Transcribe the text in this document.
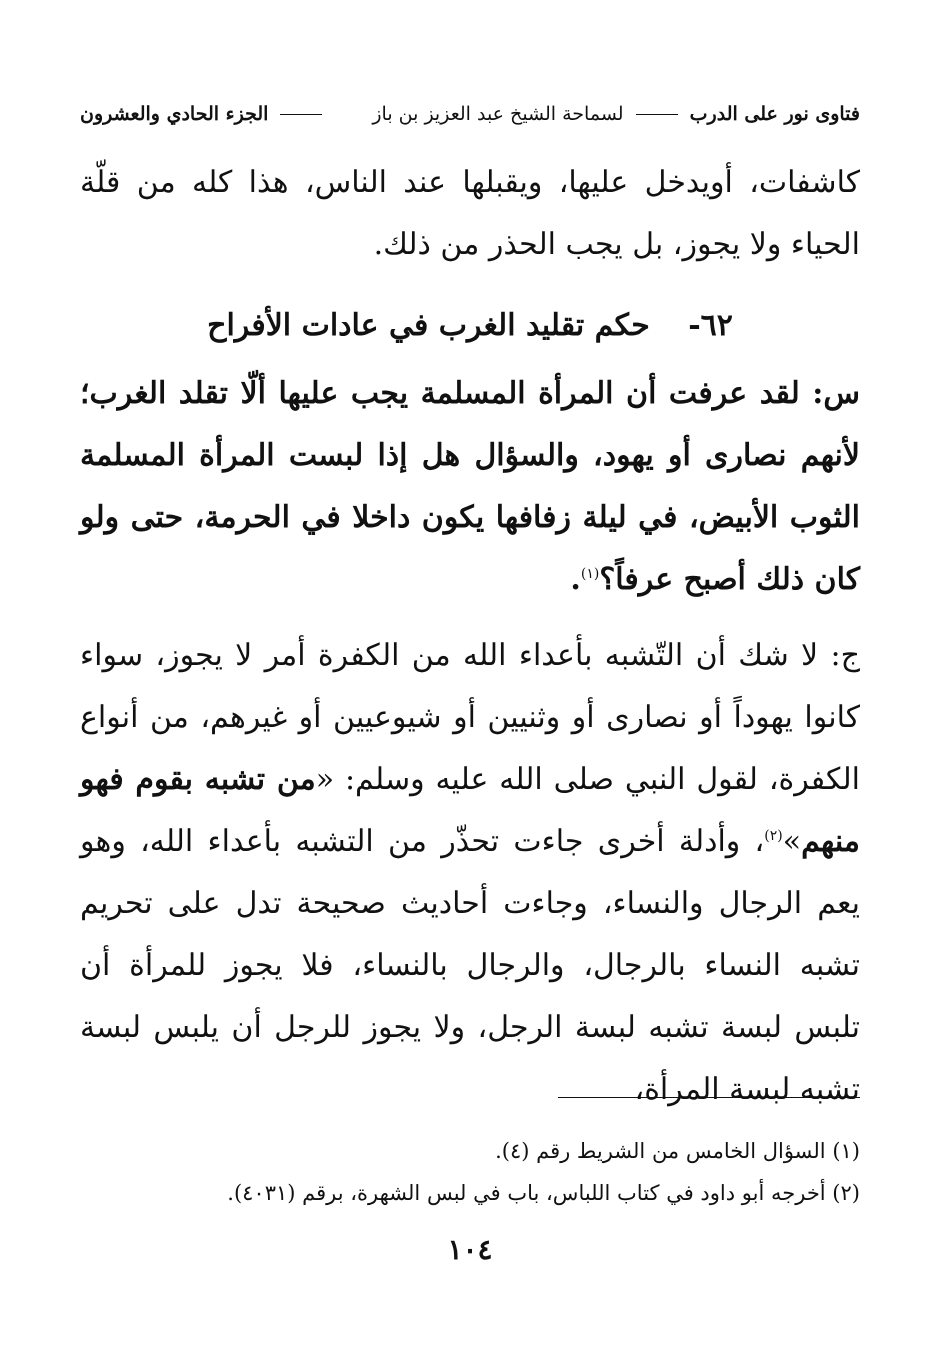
فتاوى نور على الدرب  لسماحة الشيخ عبد العزيز بن باز
الجزء الحادي والعشرون

كاشفات، أويدخل عليها، ويقبلها عند الناس، هذا كله من قلّة الحياء ولا يجوز، بل يجب الحذر من ذلك.

٦٢- حكم تقليد الغرب في عادات الأفراح

س: لقد عرفت أن المرأة المسلمة يجب عليها ألّا تقلد الغرب؛ لأنهم نصارى أو يهود، والسؤال هل إذا لبست المرأة المسلمة الثوب الأبيض، في ليلة زفافها يكون داخلا في الحرمة، حتى ولو كان ذلك أصبح عرفاً؟$^{(١)}$.

ج: لا شك أن التّشبه بأعداء الله من الكفرة أمر لا يجوز، سواء كانوا يهوداً أو نصارى أو وثنيين أو شيوعيين أو غيرهم، من أنواع الكفرة، لقول النبي صلى الله عليه وسلم: «من تشبه بقوم فهو منهم»$^{(٢)}$، وأدلة أخرى جاءت تحذّر من التشبه بأعداء الله، وهو يعم الرجال والنساء، وجاءت أحاديث صحيحة تدل على تحريم تشبه النساء بالرجال، والرجال بالنساء، فلا يجوز للمرأة أن تلبس لبسة تشبه لبسة الرجل، ولا يجوز للرجل أن يلبس لبسة تشبه لبسة المرأة،

(١) السؤال الخامس من الشريط رقم (٤).
(٢) أخرجه أبو داود في كتاب اللباس، باب في لبس الشهرة، برقم (٤٠٣١).
١٠٤
